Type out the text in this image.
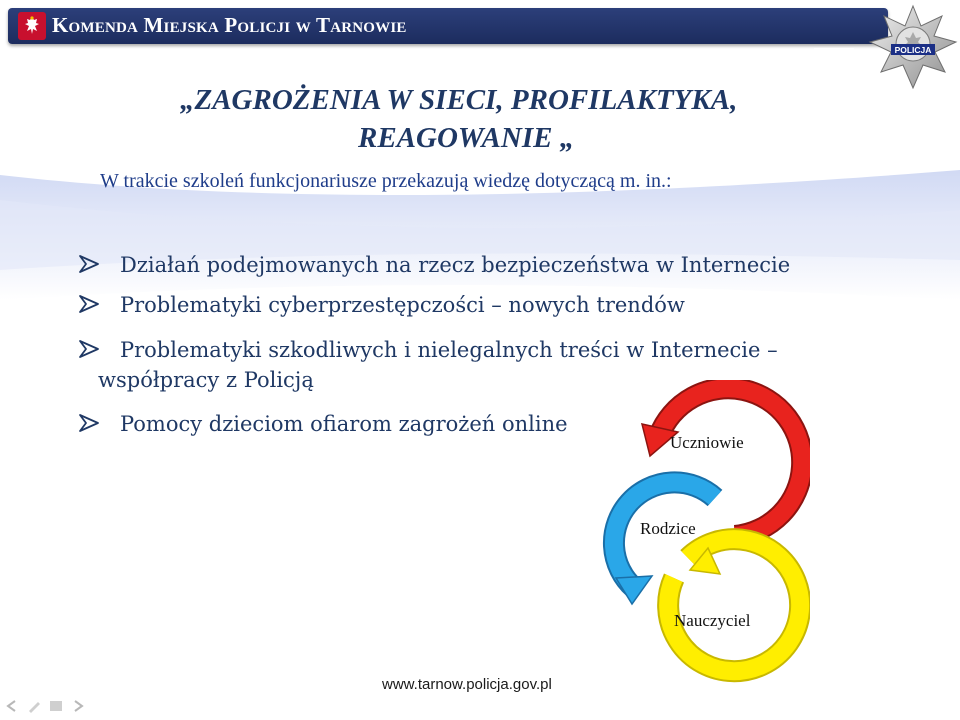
Komenda Miejska Policji w Tarnowie
POLICJA
„ZAGROŻENIA W SIECI, PROFILAKTYKA,
REAGOWANIE „
W trakcie szkoleń funkcjonariusze przekazują wiedzę dotyczącą m. in.:
Działań podejmowanych na rzecz bezpieczeństwa w Internecie
Problematyki cyberprzestępczości – nowych trendów
Problematyki szkodliwych i nielegalnych treści w Internecie –
współpracy z Policją
Pomocy dzieciom ofiarom zagrożeń online
Uczniowie
Rodzice
Nauczyciel
www.tarnow.policja.gov.pl
